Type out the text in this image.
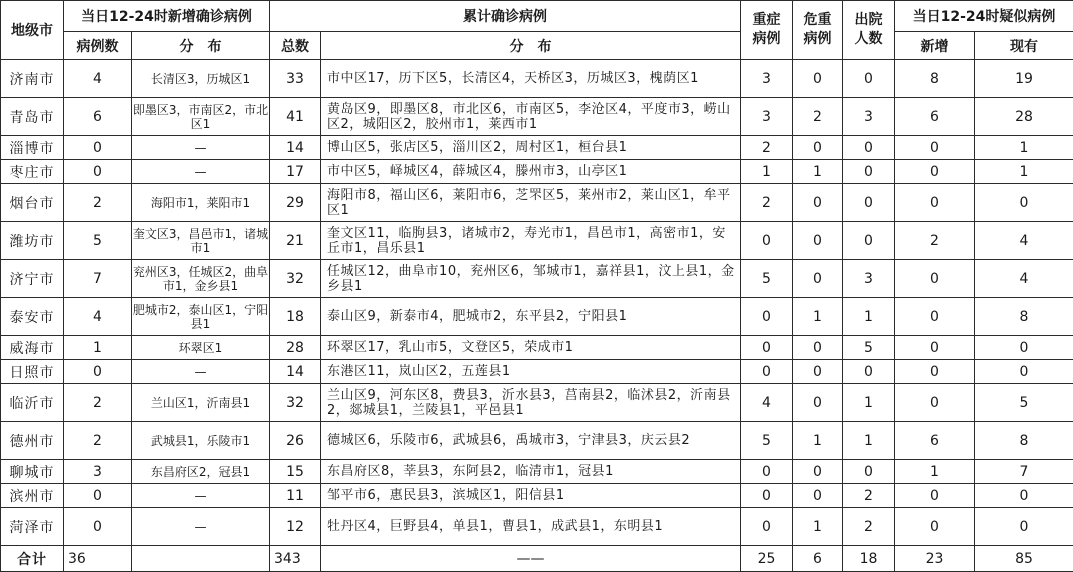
地级市	当日12-24时新增确诊病例		累计确诊病例		重症病例	危重病例	出院人数	当日12-24时疑似病例	
	病例数	分　布	总数	分　布				新增	现有
济南市	4	长清区3，历城区1	33	市中区17，历下区5，长清区4，天桥区3，历城区3，槐荫区1	3	0	0	8	19
青岛市	6	即墨区3，市南区2，市北区1	41	黄岛区9，即墨区8，市北区6，市南区5，李沧区4，平度市3，崂山区2，城阳区2，胶州市1，莱西市1	3	2	3	6	28
淄博市	0	—	14	博山区5，张店区5，淄川区2，周村区1，桓台县1	2	0	0	0	1
枣庄市	0	—	17	市中区5，峄城区4，薛城区4，滕州市3，山亭区1	1	1	0	0	1
烟台市	2	海阳市1，莱阳市1	29	海阳市8，福山区6，莱阳市6，芝罘区5，莱州市2，莱山区1，牟平区1	2	0	0	0	0
潍坊市	5	奎文区3，昌邑市1，诸城市1	21	奎文区11，临朐县3，诸城市2，寿光市1，昌邑市1，高密市1，安丘市1，昌乐县1	0	0	0	2	4
济宁市	7	兖州区3，任城区2，曲阜市1，金乡县1	32	任城区12，曲阜市10，兖州区6，邹城市1，嘉祥县1，汶上县1，金乡县1	5	0	3	0	4
泰安市	4	肥城市2，泰山区1，宁阳县1	18	泰山区9，新泰市4，肥城市2，东平县2，宁阳县1	0	1	1	0	8
威海市	1	环翠区1	28	环翠区17，乳山市5，文登区5，荣成市1	0	0	5	0	0
日照市	0	—	14	东港区11，岚山区2，五莲县1	0	0	0	0	0
临沂市	2	兰山区1，沂南县1	32	兰山区9，河东区8，费县3，沂水县3，莒南县2，临沭县2，沂南县2，郯城县1，兰陵县1，平邑县1	4	0	1	0	5
德州市	2	武城县1，乐陵市1	26	德城区6，乐陵市6，武城县6，禹城市3，宁津县3，庆云县2	5	1	1	6	8
聊城市	3	东昌府区2，冠县1	15	东昌府区8，莘县3，东阿县2，临清市1，冠县1	0	0	0	1	7
滨州市	0	—	11	邹平市6，惠民县3，滨城区1，阳信县1	0	0	2	0	0
菏泽市	0	—	12	牡丹区4，巨野县4，单县1，曹县1，成武县1，东明县1	0	1	2	0	0
合计	36		343	——	25	6	18	23	85
